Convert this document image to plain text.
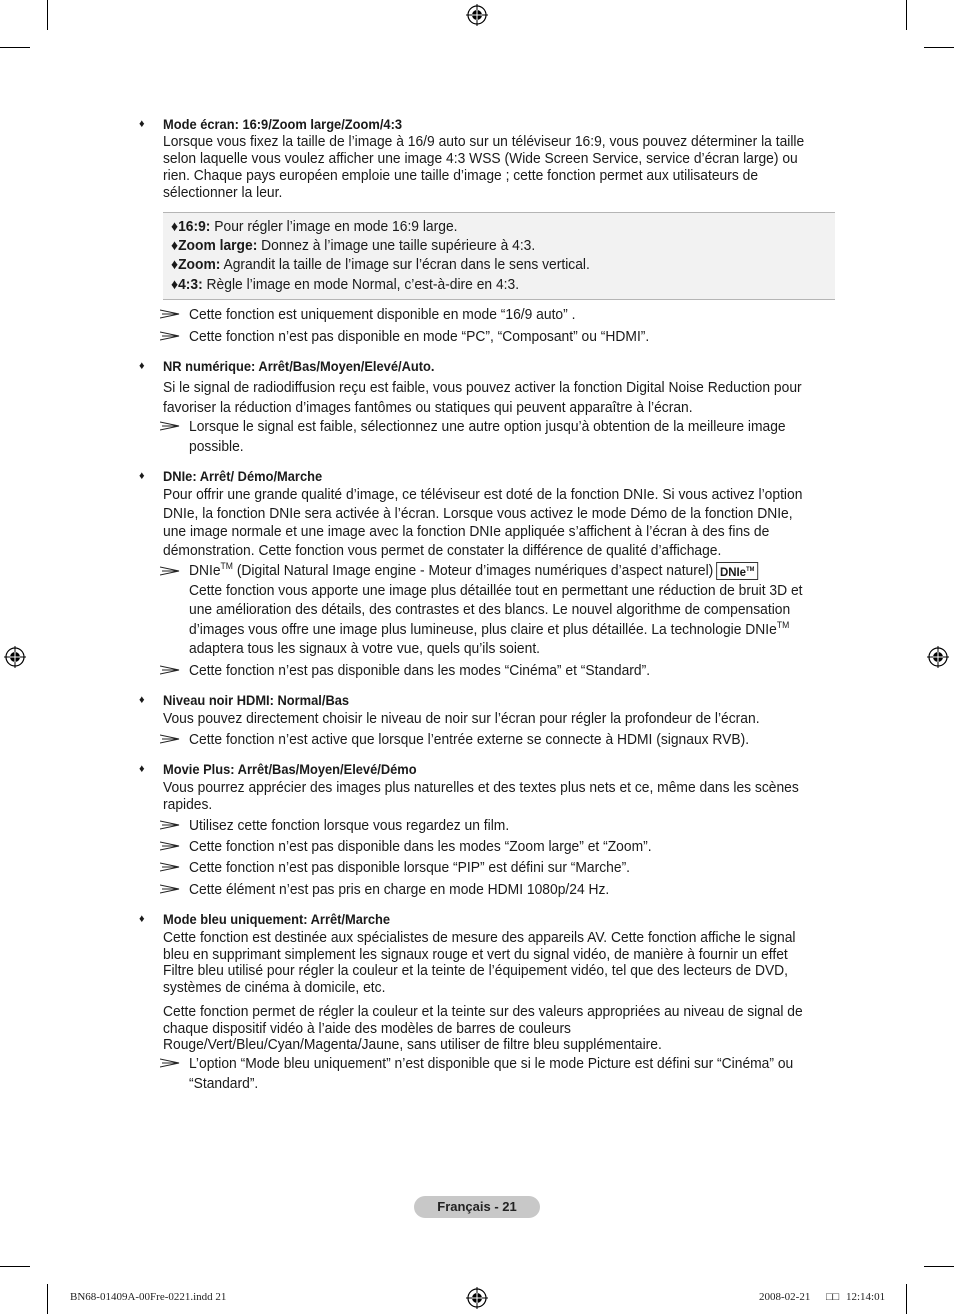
♦ Mode écran: 16:9/Zoom large/Zoom/4:3
Lorsque vous fixez la taille de l’image à 16/9 auto sur un téléviseur 16:9, vous pouvez déterminer la taille selon laquelle vous voulez afficher une image 4:3 WSS (Wide Screen Service, service d’écran large) ou rien. Chaque pays européen emploie une taille d’image ; cette fonction permet aux utilisateurs de sélectionner la leur.
♦16:9: Pour régler l’image en mode 16:9 large.
♦Zoom large: Donnez à l’image une taille supérieure à 4:3.
♦Zoom: Agrandit la taille de l’image sur l’écran dans le sens vertical.
♦4:3: Règle l’image en mode Normal, c’est-à-dire en 4:3.
Cette fonction est uniquement disponible en mode “16/9 auto” .
Cette fonction n’est pas disponible en mode “PC”, “Composant” ou “HDMI”.
♦ NR numérique: Arrêt/Bas/Moyen/Elevé/Auto.
Si le signal de radiodiffusion reçu est faible, vous pouvez activer la fonction Digital Noise Reduction pour favoriser la réduction d’images fantômes ou statiques qui peuvent apparaître à l’écran.
Lorsque le signal est faible, sélectionnez une autre option jusqu’à obtention de la meilleure image possible.
♦ DNIe: Arrêt/ Démo/Marche
Pour offrir une grande qualité d’image, ce téléviseur est doté de la fonction DNIe. Si vous activez l’option DNIe, la fonction DNIe sera activée à l’écran. Lorsque vous activez le mode Démo de la fonction DNIe, une image normale et une image avec la fonction DNIe appliquée s’affichent à l’écran à des fins de démonstration. Cette fonction vous permet de constater la différence de qualité d’affichage.
DNIe™ (Digital Natural Image engine - Moteur d’images numériques d’aspect naturel) DNIe™
Cette fonction vous apporte une image plus détaillée tout en permettant une réduction de bruit 3D et une amélioration des détails, des contrastes et des blancs. Le nouvel algorithme de compensation d’images vous offre une image plus lumineuse, plus claire et plus détaillée. La technologie DNIe™ adaptera tous les signaux à votre vue, quels qu’ils soient.
Cette fonction n’est pas disponible dans les modes “Cinéma” et “Standard”.
♦ Niveau noir HDMI: Normal/Bas
Vous pouvez directement choisir le niveau de noir sur l’écran pour régler la profondeur de l’écran.
Cette fonction n’est active que lorsque l’entrée externe se connecte à HDMI (signaux RVB).
♦ Movie Plus: Arrêt/Bas/Moyen/Elevé/Démo
Vous pourrez apprécier des images plus naturelles et des textes plus nets et ce, même dans les scènes rapides.
Utilisez cette fonction lorsque vous regardez un film.
Cette fonction n’est pas disponible dans les modes “Zoom large” et “Zoom”.
Cette fonction n’est pas disponible lorsque “PIP” est défini sur “Marche”.
Cette élément n’est pas pris en charge en mode HDMI 1080p/24 Hz.
♦ Mode bleu uniquement: Arrêt/Marche
Cette fonction est destinée aux spécialistes de mesure des appareils AV. Cette fonction affiche le signal bleu en supprimant simplement les signaux rouge et vert du signal vidéo, de manière à fournir un effet Filtre bleu utilisé pour régler la couleur et la teinte de l’équipement vidéo, tel que des lecteurs de DVD, systèmes de cinéma à domicile, etc.
Cette fonction permet de régler la couleur et la teinte sur des valeurs appropriées au niveau de signal de chaque dispositif vidéo à l’aide des modèles de barres de couleurs Rouge/Vert/Bleu/Cyan/Magenta/Jaune, sans utiliser de filtre bleu supplémentaire.
L’option “Mode bleu uniquement” n’est disponible que si le mode Picture est défini sur “Cinéma” ou “Standard”.
Français - 21
BN68-01409A-00Fre-0221.indd 21	2008-02-21 □□ 12:14:01
